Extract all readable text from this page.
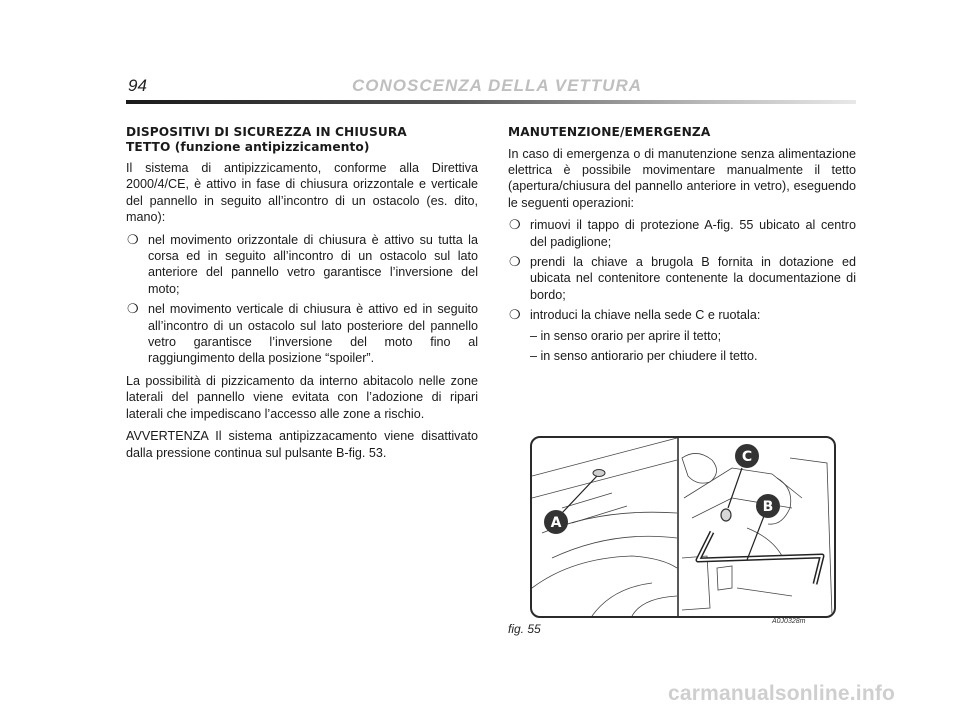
94	CONOSCENZA DELLA VETTURA
DISPOSITIVI DI SICUREZZA IN CHIUSURA
TETTO (funzione antipizzicamento)

Il sistema di antipizzicamento, conforme alla Direttiva 2000/4/CE, è attivo in fase di chiusura orizzontale e verticale del pannello in seguito all’incontro di un ostacolo (es. dito, mano):

❍ nel movimento orizzontale di chiusura è attivo su tutta la corsa ed in seguito all’incontro di un ostacolo sul lato anteriore del pannello vetro garantisce l’inversione del moto;
❍ nel movimento verticale di chiusura è attivo ed in seguito all’incontro di un ostacolo sul lato posteriore del pannello vetro garantisce l’inversione del moto fino al raggiungimento della posizione “spoiler”.

La possibilità di pizzicamento da interno abitacolo nelle zone laterali del pannello viene evitata con l’adozione di ripari laterali che impediscano l’accesso alle zone a rischio.

AVVERTENZA Il sistema antipizzacamento viene disattivato dalla pressione continua sul pulsante B-fig. 53.

MANUTENZIONE/EMERGENZA

In caso di emergenza o di manutenzione senza alimentazione elettrica è possibile movimentare manualmente il tetto (apertura/chiusura del pannello anteriore in vetro), eseguendo le seguenti operazioni:

❍ rimuovi il tappo di protezione A-fig. 55 ubicato al centro del padiglione;
❍ prendi la chiave a brugola B fornita in dotazione ed ubicata nel contenitore contenente la documentazione di bordo;
❍ introduci la chiave nella sede C e ruotala:
– in senso orario per aprire il tetto;
– in senso antiorario per chiudere il tetto.
A
C
B
fig. 55
A0J0328m
carmanualsonline.info
